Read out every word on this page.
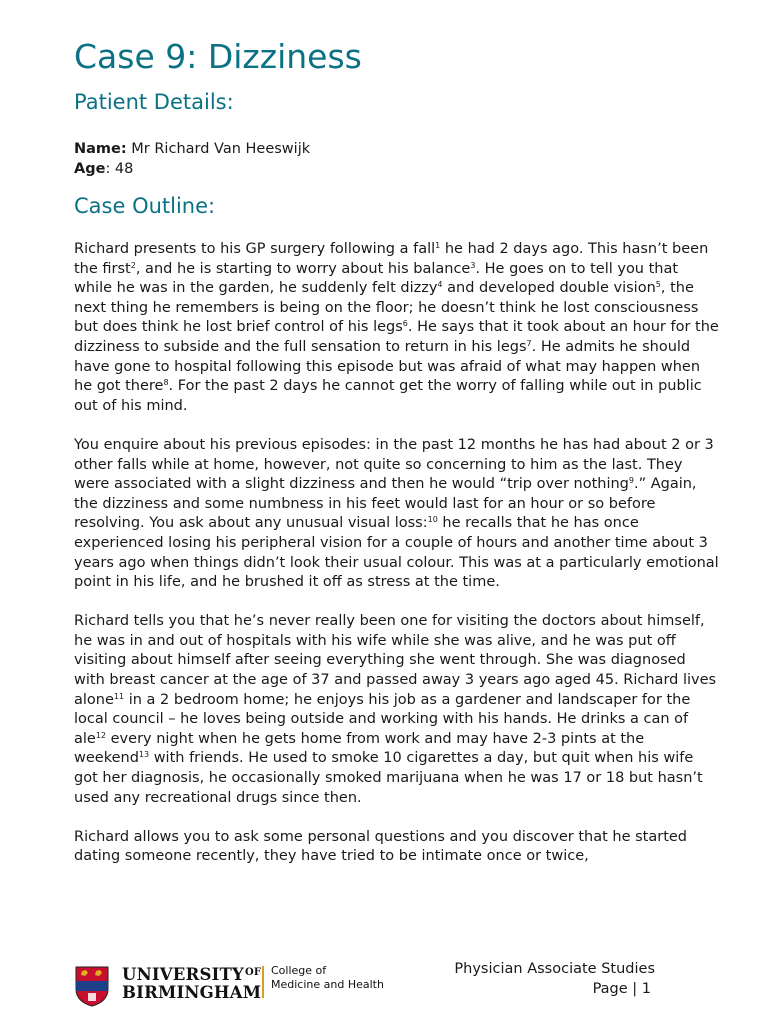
Case 9: Dizziness
Patient Details:
Name: Mr Richard Van Heeswijk
Age: 48
Case Outline:

Richard presents to his GP surgery following a fall$^1$ he had 2 days ago. This hasn’t been the first$^2$, and he is starting to worry about his balance$^3$. He goes on to tell you that while he was in the garden, he suddenly felt dizzy$^4$ and developed double vision$^5$, the next thing he remembers is being on the floor; he doesn’t think he lost consciousness but does think he lost brief control of his legs$^6$. He says that it took about an hour for the dizziness to subside and the full sensation to return in his legs$^7$. He admits he should have gone to hospital following this episode but was afraid of what may happen when he got there$^8$. For the past 2 days he cannot get the worry of falling while out in public out of his mind.

You enquire about his previous episodes: in the past 12 months he has had about 2 or 3 other falls while at home, however, not quite so concerning to him as the last. They were associated with a slight dizziness and then he would “trip over nothing$^9$.” Again, the dizziness and some numbness in his feet would last for an hour or so before resolving. You ask about any unusual visual loss:$^{10}$ he recalls that he has once experienced losing his peripheral vision for a couple of hours and another time about 3 years ago when things didn’t look their usual colour. This was at a particularly emotional point in his life, and he brushed it off as stress at the time.

Richard tells you that he’s never really been one for visiting the doctors about himself, he was in and out of hospitals with his wife while she was alive, and he was put off visiting about himself after seeing everything she went through. She was diagnosed with breast cancer at the age of 37 and passed away 3 years ago aged 45. Richard lives alone$^{11}$ in a 2 bedroom home; he enjoys his job as a gardener and landscaper for the local council – he loves being outside and working with his hands. He drinks a can of ale$^{12}$ every night when he gets home from work and may have 2-3 pints at the weekend$^{13}$ with friends. He used to smoke 10 cigarettes a day, but quit when his wife got her diagnosis, he occasionally smoked marijuana when he was 17 or 18 but hasn’t used any recreational drugs since then.

Richard allows you to ask some personal questions and you discover that he started dating someone recently, they have tried to be intimate once or twice,

$UNIVERSITY^{OF}$
BIRMINGHAM
College of
Medicine and Health
Physician Associate Studies
Page | 1
